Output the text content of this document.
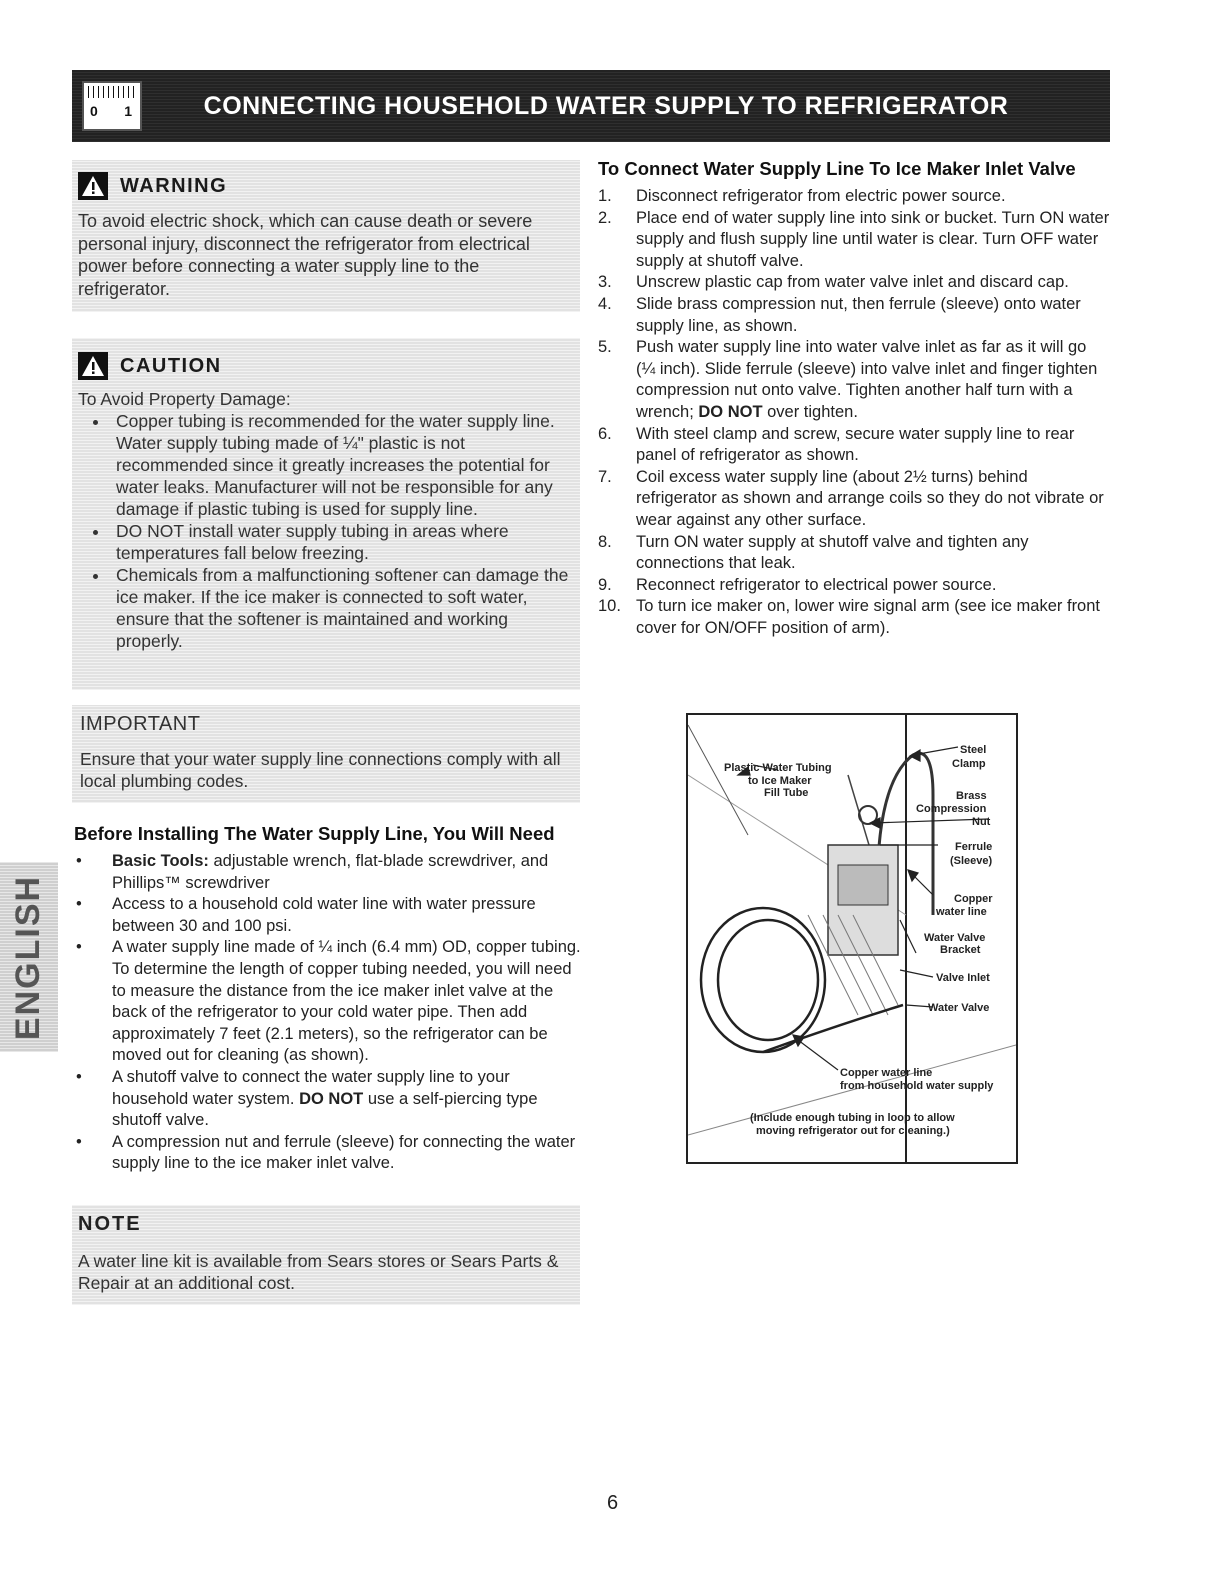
0 1	CONNECTING HOUSEHOLD WATER SUPPLY TO REFRIGERATOR
WARNING
To avoid electric shock, which can cause death or severe personal injury, disconnect the refrigerator from electrical power before connecting a water supply line to the refrigerator.
CAUTION
To Avoid Property Damage:
• Copper tubing is recommended for the water supply line. Water supply tubing made of ¼" plastic is not recommended since it greatly increases the potential for water leaks. Manufacturer will not be responsible for any damage if plastic tubing is used for supply line.
• DO NOT install water supply tubing in areas where temperatures fall below freezing.
• Chemicals from a malfunctioning softener can damage the ice maker. If the ice maker is connected to soft water, ensure that the softener is maintained and working properly.
IMPORTANT
Ensure that your water supply line connections comply with all local plumbing codes.
Before Installing The Water Supply Line, You Will Need
•	Basic Tools: adjustable wrench, flat-blade screwdriver, and Phillips™ screwdriver
•	Access to a household cold water line with water pressure between 30 and 100 psi.
•	A water supply line made of ¼ inch (6.4 mm) OD, copper tubing. To determine the length of copper tubing needed, you will need to measure the distance from the ice maker inlet valve at the back of the refrigerator to your cold water pipe. Then add approximately 7 feet (2.1 meters), so the refrigerator can be moved out for cleaning (as shown).
•	A shutoff valve to connect the water supply line to your household water system. DO NOT use a self-piercing type shutoff valve.
•	A compression nut and ferrule (sleeve) for connecting the water supply line to the ice maker inlet valve.
NOTE
A water line kit is available from Sears stores or Sears Parts & Repair at an additional cost.
ENGLISH
To Connect Water Supply Line To Ice Maker Inlet Valve
1.	Disconnect refrigerator from electric power source.
2.	Place end of water supply line into sink or bucket. Turn ON water supply and flush supply line until water is clear. Turn OFF water supply at shutoff valve.
3.	Unscrew plastic cap from water valve inlet and discard cap.
4.	Slide brass compression nut, then ferrule (sleeve) onto water supply line, as shown.
5.	Push water supply line into water valve inlet as far as it will go (¼ inch). Slide ferrule (sleeve) into valve inlet and finger tighten compression nut onto valve. Tighten another half turn with a wrench; DO NOT over tighten.
6.	With steel clamp and screw, secure water supply line to rear panel of refrigerator as shown.
7.	Coil excess water supply line (about 2½ turns) behind refrigerator as shown and arrange coils so they do not vibrate or wear against any other surface.
8.	Turn ON water supply at shutoff valve and tighten any connections that leak.
9.	Reconnect refrigerator to electrical power source.
10. To turn ice maker on, lower wire signal arm (see ice maker front cover for ON/OFF position of arm).
Plastic Water Tubing
to Ice Maker
Fill Tube
Steel
Clamp
Brass
Compression
Nut
Ferrule
(Sleeve)
Copper
water line
Water Valve
Bracket
Valve Inlet
Water Valve
Copper water line
from household water supply
(Include enough tubing in loop to allow
moving refrigerator out for cleaning.)
6
